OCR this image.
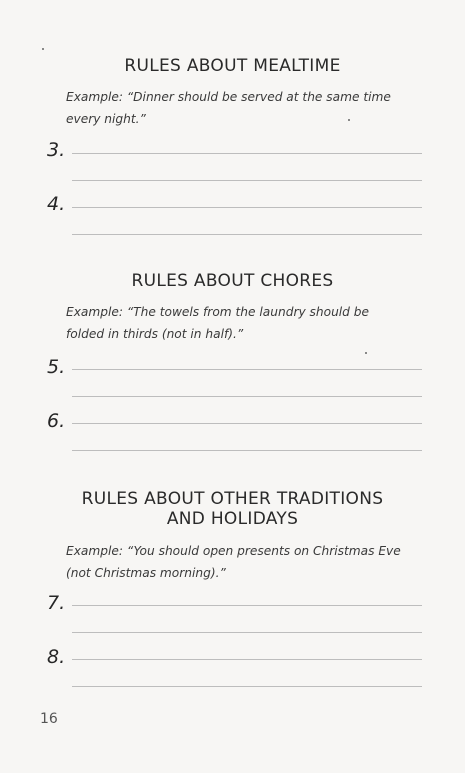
RULES ABOUT MEALTIME
Example: “Dinner should be served at the same time every night.”
3.
4.
RULES ABOUT CHORES
Example: “The towels from the laundry should be folded in thirds (not in half).”
5.
6.
RULES ABOUT OTHER TRADITIONS
AND HOLIDAYS
Example: “You should open presents on Christmas Eve (not Christmas morning).”
7.
8.
16
